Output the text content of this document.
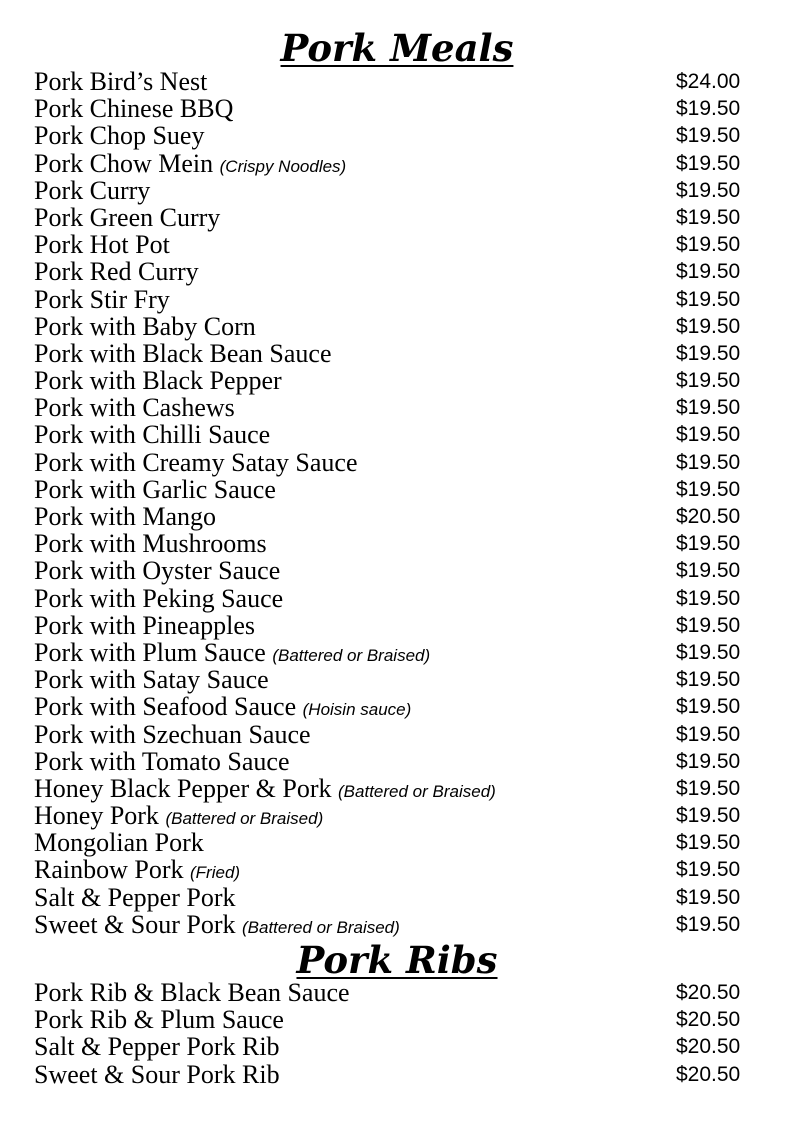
Pork Meals
Pork Bird’s Nest	$24.00
Pork Chinese BBQ	$19.50
Pork Chop Suey	$19.50
Pork Chow Mein (Crispy Noodles)	$19.50
Pork Curry	$19.50
Pork Green Curry	$19.50
Pork Hot Pot	$19.50
Pork Red Curry	$19.50
Pork Stir Fry	$19.50
Pork with Baby Corn	$19.50
Pork with Black Bean Sauce	$19.50
Pork with Black Pepper	$19.50
Pork with Cashews	$19.50
Pork with Chilli Sauce	$19.50
Pork with Creamy Satay Sauce	$19.50
Pork with Garlic Sauce	$19.50
Pork with Mango	$20.50
Pork with Mushrooms	$19.50
Pork with Oyster Sauce	$19.50
Pork with Peking Sauce	$19.50
Pork with Pineapples	$19.50
Pork with Plum Sauce (Battered or Braised)	$19.50
Pork with Satay Sauce	$19.50
Pork with Seafood Sauce (Hoisin sauce)	$19.50
Pork with Szechuan Sauce	$19.50
Pork with Tomato Sauce	$19.50
Honey Black Pepper & Pork (Battered or Braised)	$19.50
Honey Pork (Battered or Braised)	$19.50
Mongolian Pork	$19.50
Rainbow Pork (Fried)	$19.50
Salt & Pepper Pork	$19.50
Sweet & Sour Pork (Battered or Braised)	$19.50
Pork Ribs
Pork Rib & Black Bean Sauce	$20.50
Pork Rib & Plum Sauce	$20.50
Salt & Pepper Pork Rib	$20.50
Sweet & Sour Pork Rib	$20.50
